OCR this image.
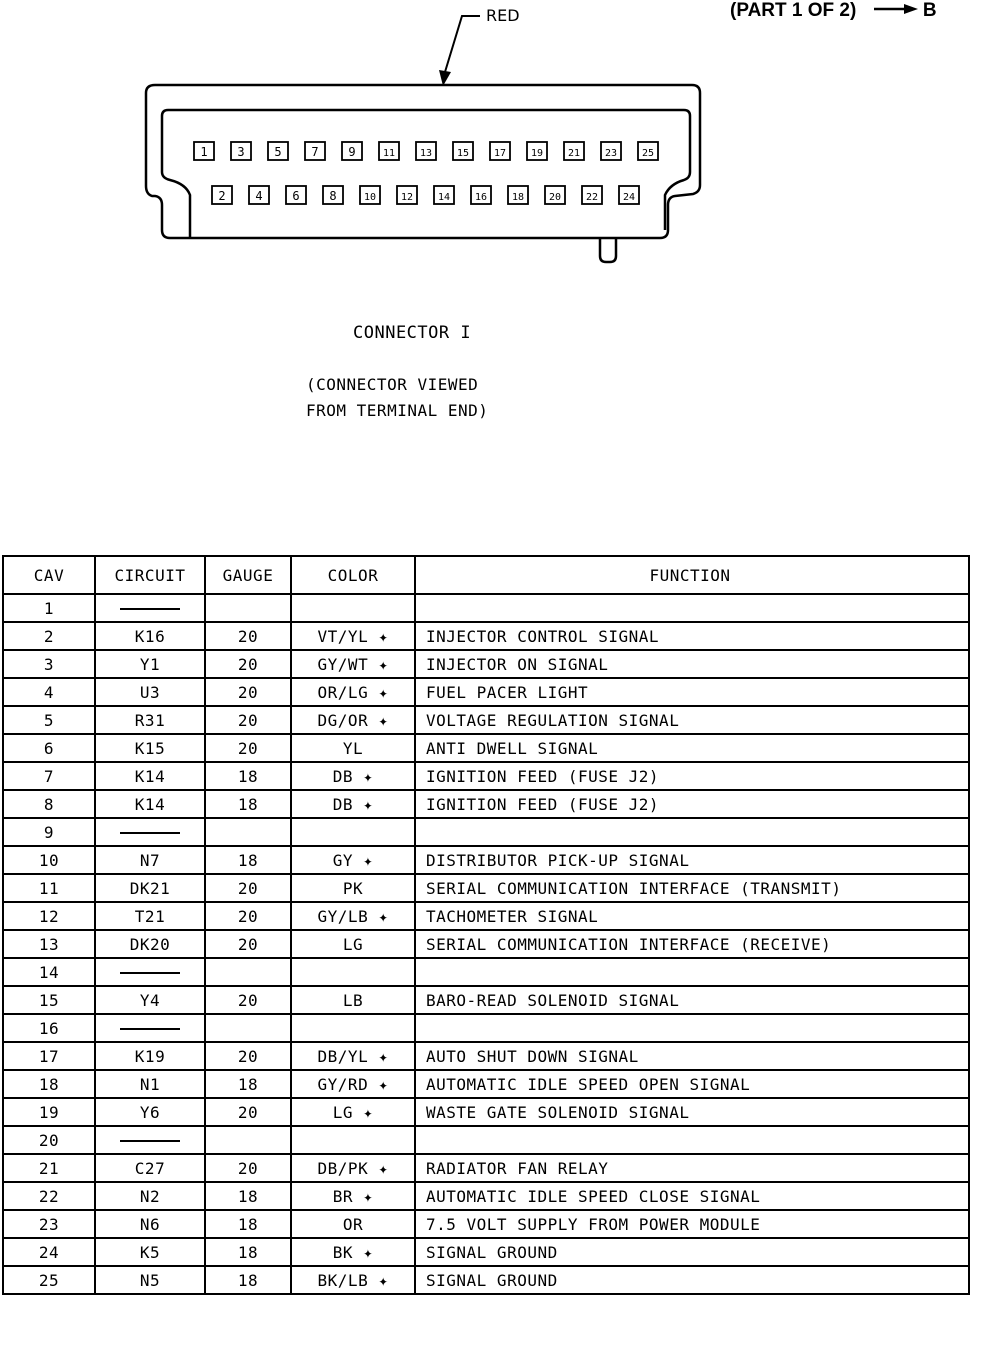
(PART 1 OF 2)	B
RED
1 3 5 7 9	11 13 15 17 19 21 23 25
2 4 6 8	10 12 14 16 18 20 22 24
CONNECTOR I
(CONNECTOR VIEWED
FROM TERMINAL END)
CAV	CIRCUIT	GAUGE	COLOR	FUNCTION
1				
2	K16	20	VT/YL ✦	INJECTOR CONTROL SIGNAL
3	Y1	20	GY/WT ✦	INJECTOR ON SIGNAL
4	U3	20	OR/LG ✦	FUEL PACER LIGHT
5	R31	20	DG/OR ✦	VOLTAGE REGULATION SIGNAL
6	K15	20	YL	ANTI DWELL SIGNAL
7	K14	18	DB ✦	IGNITION FEED (FUSE J2)
8	K14	18	DB ✦	IGNITION FEED (FUSE J2)
9				
10	N7	18	GY ✦	DISTRIBUTOR PICK-UP SIGNAL
11	DK21	20	PK	SERIAL COMMUNICATION INTERFACE (TRANSMIT)
12	T21	20	GY/LB ✦	TACHOMETER SIGNAL
13	DK20	20	LG	SERIAL COMMUNICATION INTERFACE (RECEIVE)
14				
15	Y4	20	LB	BARO-READ SOLENOID SIGNAL
16				
17	K19	20	DB/YL ✦	AUTO SHUT DOWN SIGNAL
18	N1	18	GY/RD ✦	AUTOMATIC IDLE SPEED OPEN SIGNAL
19	Y6	20	LG ✦	WASTE GATE SOLENOID SIGNAL
20				
21	C27	20	DB/PK ✦	RADIATOR FAN RELAY
22	N2	18	BR ✦	AUTOMATIC IDLE SPEED CLOSE SIGNAL
23	N6	18	OR	7.5 VOLT SUPPLY FROM POWER MODULE
24	K5	18	BK ✦	SIGNAL GROUND
25	N5	18	BK/LB ✦	SIGNAL GROUND
